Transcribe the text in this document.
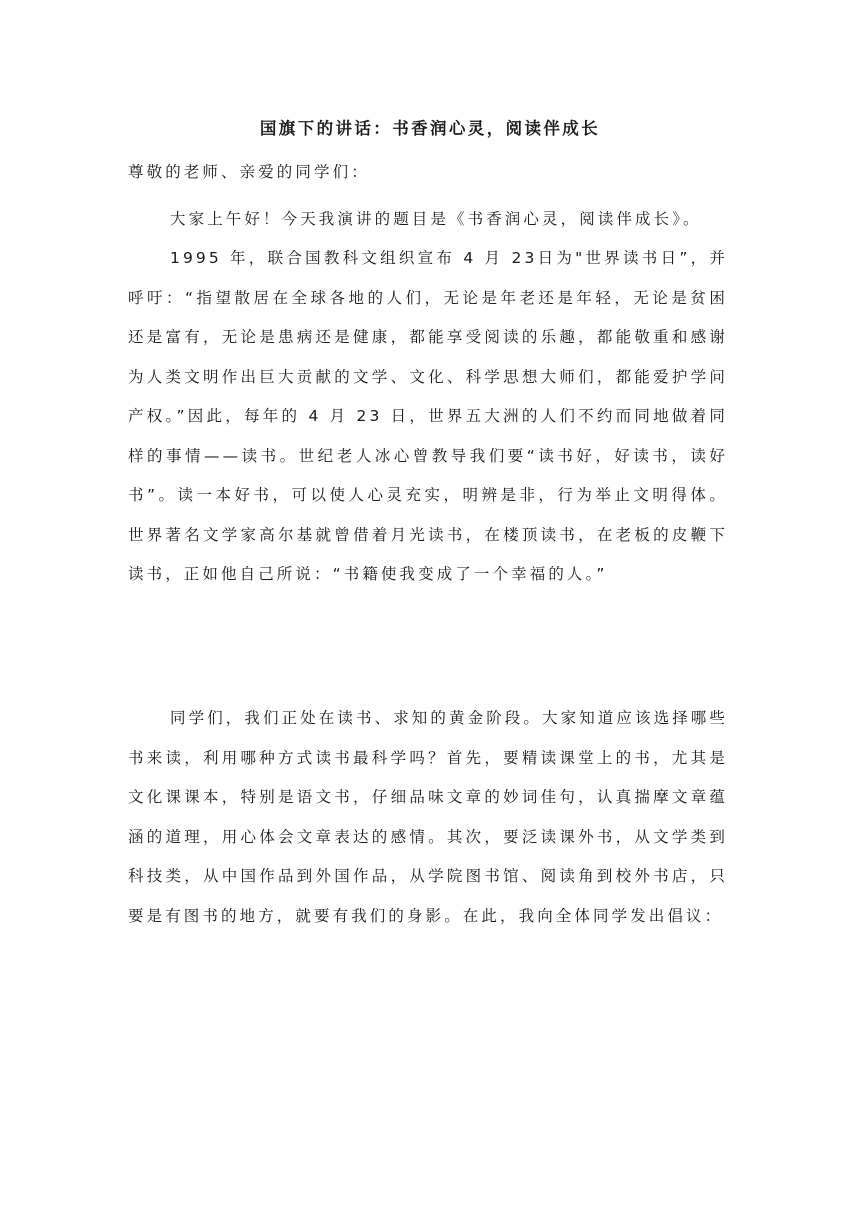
国旗下的讲话：书香润心灵，阅读伴成长

尊敬的老师、亲爱的同学们：

大家上午好！今天我演讲的题目是《书香润心灵，阅读伴成长》。

1995 年，联合国教科文组织宣布 4 月 23日为"世界读书日”，并呼吁：“指望散居在全球各地的人们，无论是年老还是年轻，无论是贫困还是富有，无论是患病还是健康，都能享受阅读的乐趣，都能敬重和感谢为人类文明作出巨大贡献的文学、文化、科学思想大师们，都能爱护学问产权。”因此，每年的 4 月 23 日，世界五大洲的人们不约而同地做着同样的事情——读书。世纪老人冰心曾教导我们要“读书好，好读书，读好书”。读一本好书，可以使人心灵充实，明辨是非，行为举止文明得体。世界著名文学家高尔基就曾借着月光读书，在楼顶读书，在老板的皮鞭下读书，正如他自己所说：“书籍使我变成了一个幸福的人。”

同学们，我们正处在读书、求知的黄金阶段。大家知道应该选择哪些书来读，利用哪种方式读书最科学吗？首先，要精读课堂上的书，尤其是文化课课本，特别是语文书，仔细品味文章的妙词佳句，认真揣摩文章蕴涵的道理，用心体会文章表达的感情。其次，要泛读课外书，从文学类到科技类，从中国作品到外国作品，从学院图书馆、阅读角到校外书店，只要是有图书的地方，就要有我们的身影。在此，我向全体同学发出倡议：
